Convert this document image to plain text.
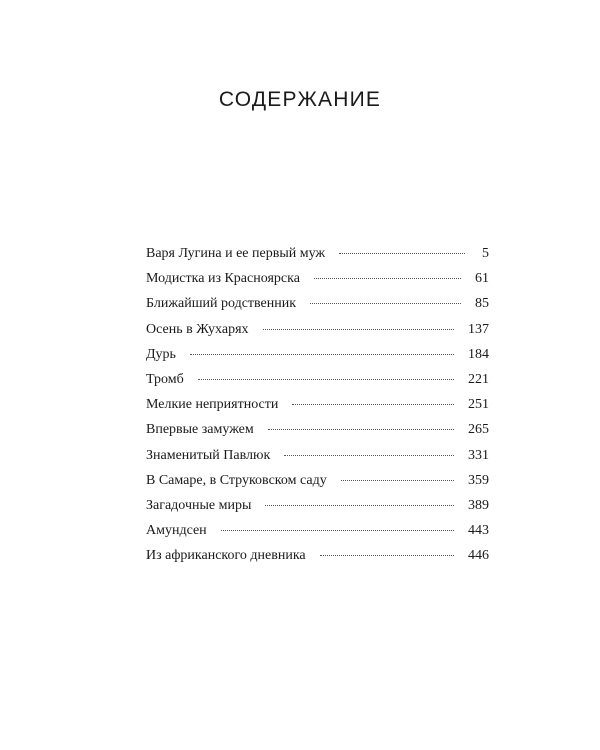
СОДЕРЖАНИЕ
Варя Лугина и ее первый муж	5
Модистка из Красноярска	61
Ближайший родственник	85
Осень в Жухарях	137
Дурь	184
Тромб	221
Мелкие неприятности	251
Впервые замужем	265
Знаменитый Павлюк	331
В Самаре, в Струковском саду	359
Загадочные миры	389
Амундсен	443
Из африканского дневника	446
